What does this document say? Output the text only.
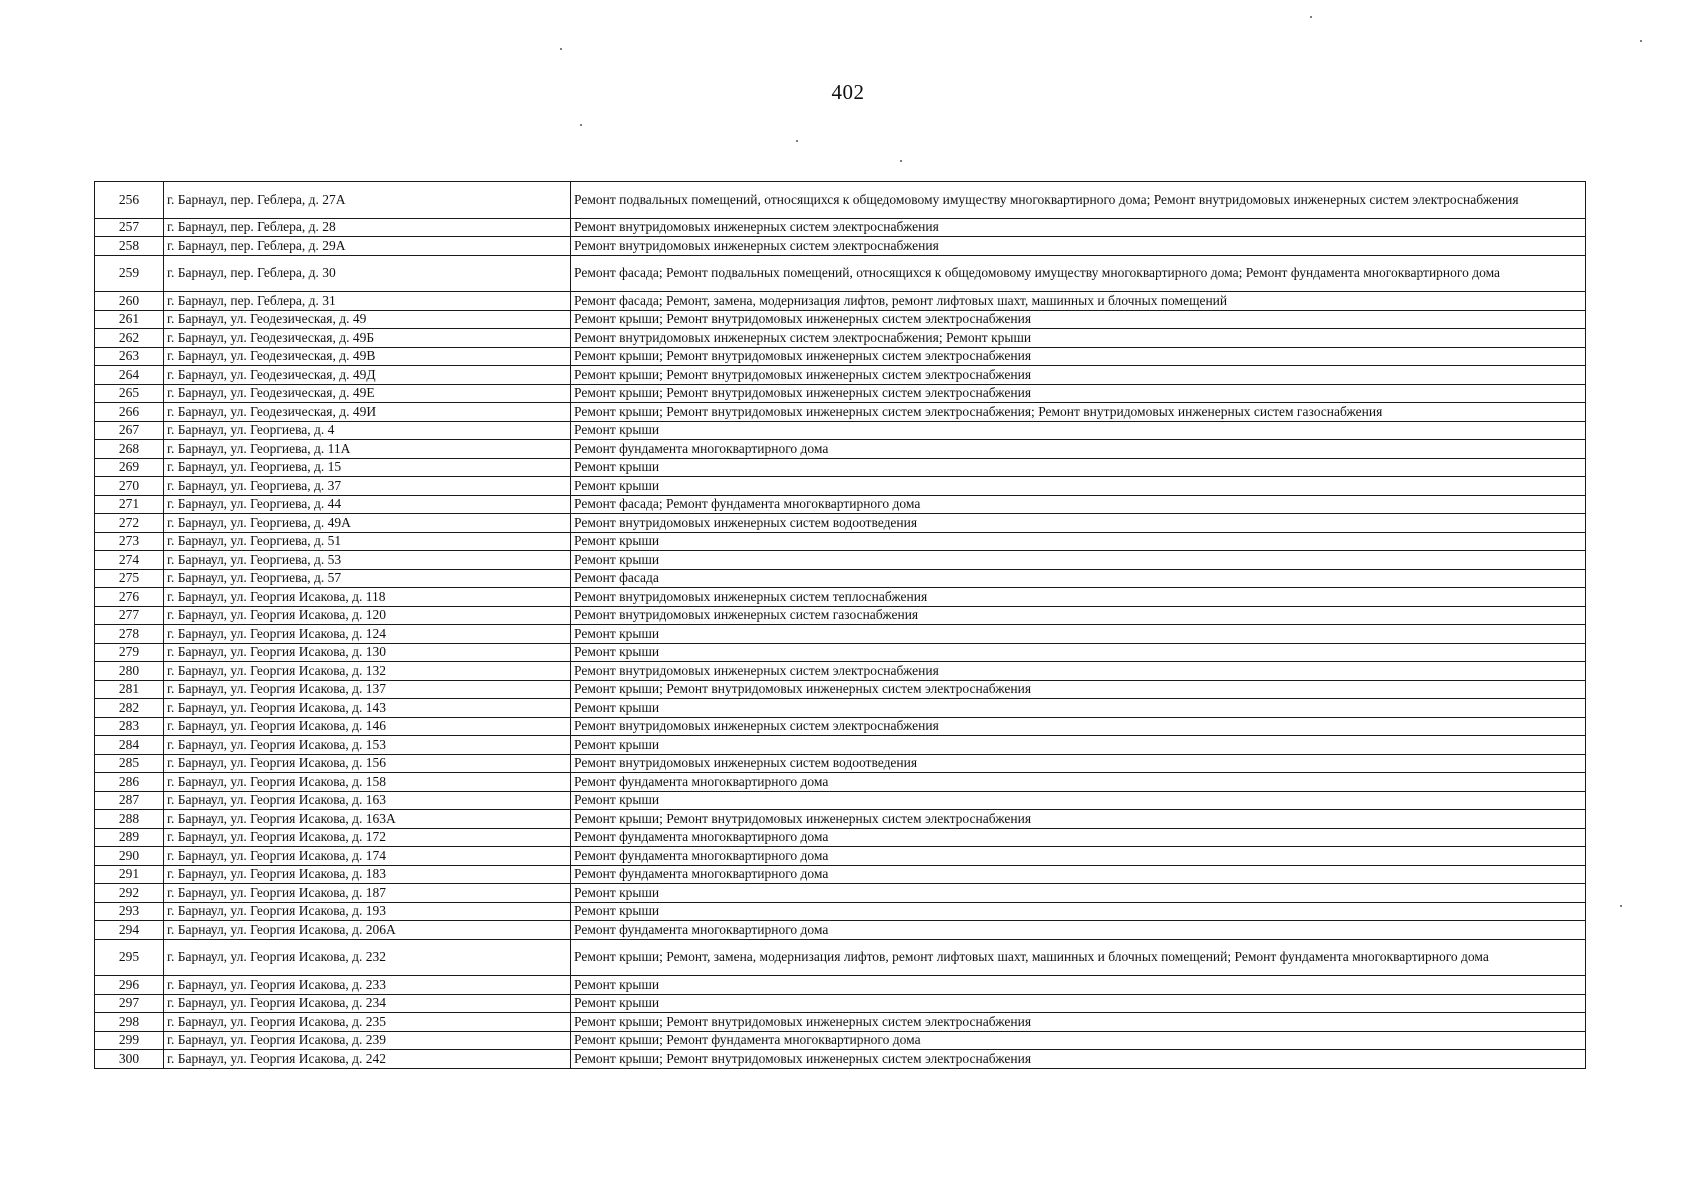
402
256	г. Барнаул, пер. Геблера, д. 27А	Ремонт подвальных помещений, относящихся к общедомовому имуществу многоквартирного дома; Ремонт внутридомовых инженерных систем электроснабжения
257	г. Барнаул, пер. Геблера, д. 28	Ремонт внутридомовых инженерных систем электроснабжения
258	г. Барнаул, пер. Геблера, д. 29А	Ремонт внутридомовых инженерных систем электроснабжения
259	г. Барнаул, пер. Геблера, д. 30	Ремонт фасада; Ремонт подвальных помещений, относящихся к общедомовому имуществу многоквартирного дома; Ремонт фундамента многоквартирного дома
260	г. Барнаул, пер. Геблера, д. 31	Ремонт фасада; Ремонт, замена, модернизация лифтов, ремонт лифтовых шахт, машинных и блочных помещений
261	г. Барнаул, ул. Геодезическая, д. 49	Ремонт крыши; Ремонт внутридомовых инженерных систем электроснабжения
262	г. Барнаул, ул. Геодезическая, д. 49Б	Ремонт внутридомовых инженерных систем электроснабжения; Ремонт крыши
263	г. Барнаул, ул. Геодезическая, д. 49В	Ремонт крыши; Ремонт внутридомовых инженерных систем электроснабжения
264	г. Барнаул, ул. Геодезическая, д. 49Д	Ремонт крыши; Ремонт внутридомовых инженерных систем электроснабжения
265	г. Барнаул, ул. Геодезическая, д. 49Е	Ремонт крыши; Ремонт внутридомовых инженерных систем электроснабжения
266	г. Барнаул, ул. Геодезическая, д. 49И	Ремонт крыши; Ремонт внутридомовых инженерных систем электроснабжения; Ремонт внутридомовых инженерных систем газоснабжения
267	г. Барнаул, ул. Георгиева, д. 4	Ремонт крыши
268	г. Барнаул, ул. Георгиева, д. 11А	Ремонт фундамента многоквартирного дома
269	г. Барнаул, ул. Георгиева, д. 15	Ремонт крыши
270	г. Барнаул, ул. Георгиева, д. 37	Ремонт крыши
271	г. Барнаул, ул. Георгиева, д. 44	Ремонт фасада; Ремонт фундамента многоквартирного дома
272	г. Барнаул, ул. Георгиева, д. 49А	Ремонт внутридомовых инженерных систем водоотведения
273	г. Барнаул, ул. Георгиева, д. 51	Ремонт крыши
274	г. Барнаул, ул. Георгиева, д. 53	Ремонт крыши
275	г. Барнаул, ул. Георгиева, д. 57	Ремонт фасада
276	г. Барнаул, ул. Георгия Исакова, д. 118	Ремонт внутридомовых инженерных систем теплоснабжения
277	г. Барнаул, ул. Георгия Исакова, д. 120	Ремонт внутридомовых инженерных систем газоснабжения
278	г. Барнаул, ул. Георгия Исакова, д. 124	Ремонт крыши
279	г. Барнаул, ул. Георгия Исакова, д. 130	Ремонт крыши
280	г. Барнаул, ул. Георгия Исакова, д. 132	Ремонт внутридомовых инженерных систем электроснабжения
281	г. Барнаул, ул. Георгия Исакова, д. 137	Ремонт крыши; Ремонт внутридомовых инженерных систем электроснабжения
282	г. Барнаул, ул. Георгия Исакова, д. 143	Ремонт крыши
283	г. Барнаул, ул. Георгия Исакова, д. 146	Ремонт внутридомовых инженерных систем электроснабжения
284	г. Барнаул, ул. Георгия Исакова, д. 153	Ремонт крыши
285	г. Барнаул, ул. Георгия Исакова, д. 156	Ремонт внутридомовых инженерных систем водоотведения
286	г. Барнаул, ул. Георгия Исакова, д. 158	Ремонт фундамента многоквартирного дома
287	г. Барнаул, ул. Георгия Исакова, д. 163	Ремонт крыши
288	г. Барнаул, ул. Георгия Исакова, д. 163А	Ремонт крыши; Ремонт внутридомовых инженерных систем электроснабжения
289	г. Барнаул, ул. Георгия Исакова, д. 172	Ремонт фундамента многоквартирного дома
290	г. Барнаул, ул. Георгия Исакова, д. 174	Ремонт фундамента многоквартирного дома
291	г. Барнаул, ул. Георгия Исакова, д. 183	Ремонт фундамента многоквартирного дома
292	г. Барнаул, ул. Георгия Исакова, д. 187	Ремонт крыши
293	г. Барнаул, ул. Георгия Исакова, д. 193	Ремонт крыши
294	г. Барнаул, ул. Георгия Исакова, д. 206А	Ремонт фундамента многоквартирного дома
295	г. Барнаул, ул. Георгия Исакова, д. 232	Ремонт крыши; Ремонт, замена, модернизация лифтов, ремонт лифтовых шахт, машинных и блочных помещений; Ремонт фундамента многоквартирного дома
296	г. Барнаул, ул. Георгия Исакова, д. 233	Ремонт крыши
297	г. Барнаул, ул. Георгия Исакова, д. 234	Ремонт крыши
298	г. Барнаул, ул. Георгия Исакова, д. 235	Ремонт крыши; Ремонт внутридомовых инженерных систем электроснабжения
299	г. Барнаул, ул. Георгия Исакова, д. 239	Ремонт крыши; Ремонт фундамента многоквартирного дома
300	г. Барнаул, ул. Георгия Исакова, д. 242	Ремонт крыши; Ремонт внутридомовых инженерных систем электроснабжения
